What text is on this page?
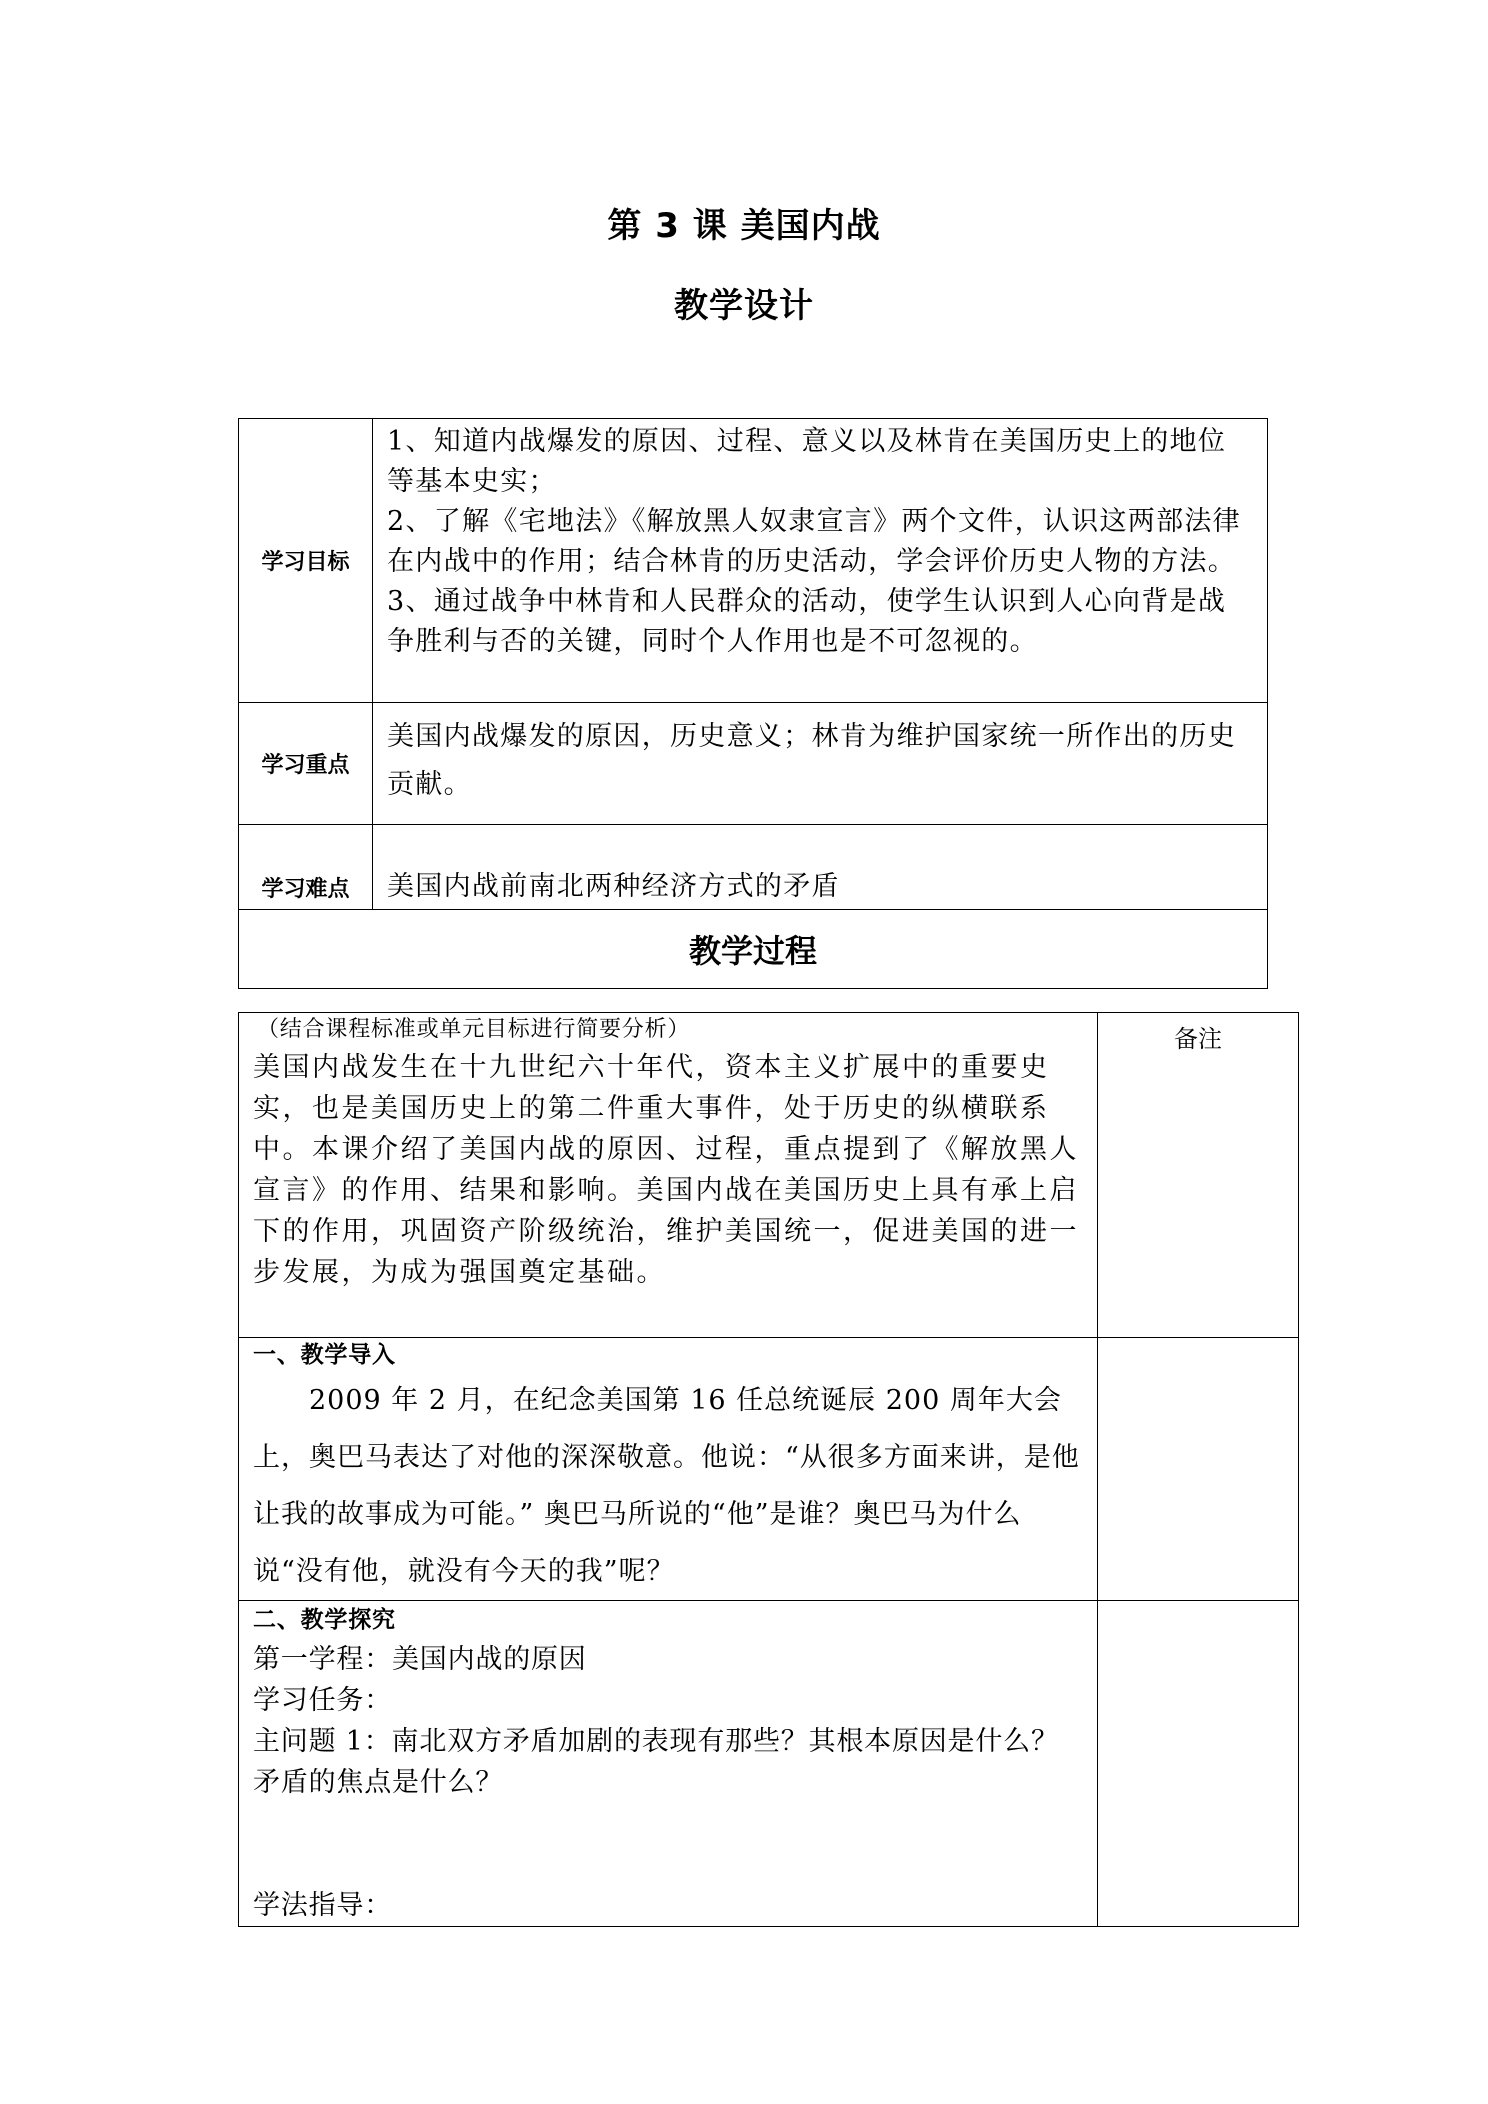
第 3 课 美国内战
教学设计
学习目标	1、知道内战爆发的原因、过程、意义以及林肯在美国历史上的地位等基本史实；

2、了解《宅地法》《解放黑人奴隶宣言》两个文件，认识这两部法律在内战中的作用；结合林肯的历史活动，学会评价历史人物的方法。

3、通过战争中林肯和人民群众的活动，使学生认识到人心向背是战争胜利与否的关键，同时个人作用也是不可忽视的。

学习重点	美国内战爆发的原因，历史意义；林肯为维护国家统一所作出的历史贡献。
学习难点	美国内战前南北两种经济方式的矛盾
教学过程	
（结合课程标准或单元目标进行简要分析）
美国内战发生在十九世纪六十年代，资本主义扩展中的重要史实，也是美国历史上的第二件重大事件，处于历史的纵横联系中。本课介绍了美国内战的原因、过程，重点提到了《解放黑人宣言》的作用、结果和影响。美国内战在美国历史上具有承上启下的作用，巩固资产阶级统治，维护美国统一，促进美国的进一步发展，为成为强国奠定基础。	备注

一、教学导入
2009 年 2 月，在纪念美国第 16 任总统诞辰 200 周年大会上，奥巴马表达了对他的深深敬意。他说：“从很多方面来讲，是他让我的故事成为可能。” 奥巴马所说的“他”是谁？奥巴马为什么说“没有他，就没有今天的我”呢？	

二、教学探究

第一学程：美国内战的原因

学习任务：

主问题 1：南北双方矛盾加剧的表现有那些？其根本原因是什么？矛盾的焦点是什么？

学法指导：	
